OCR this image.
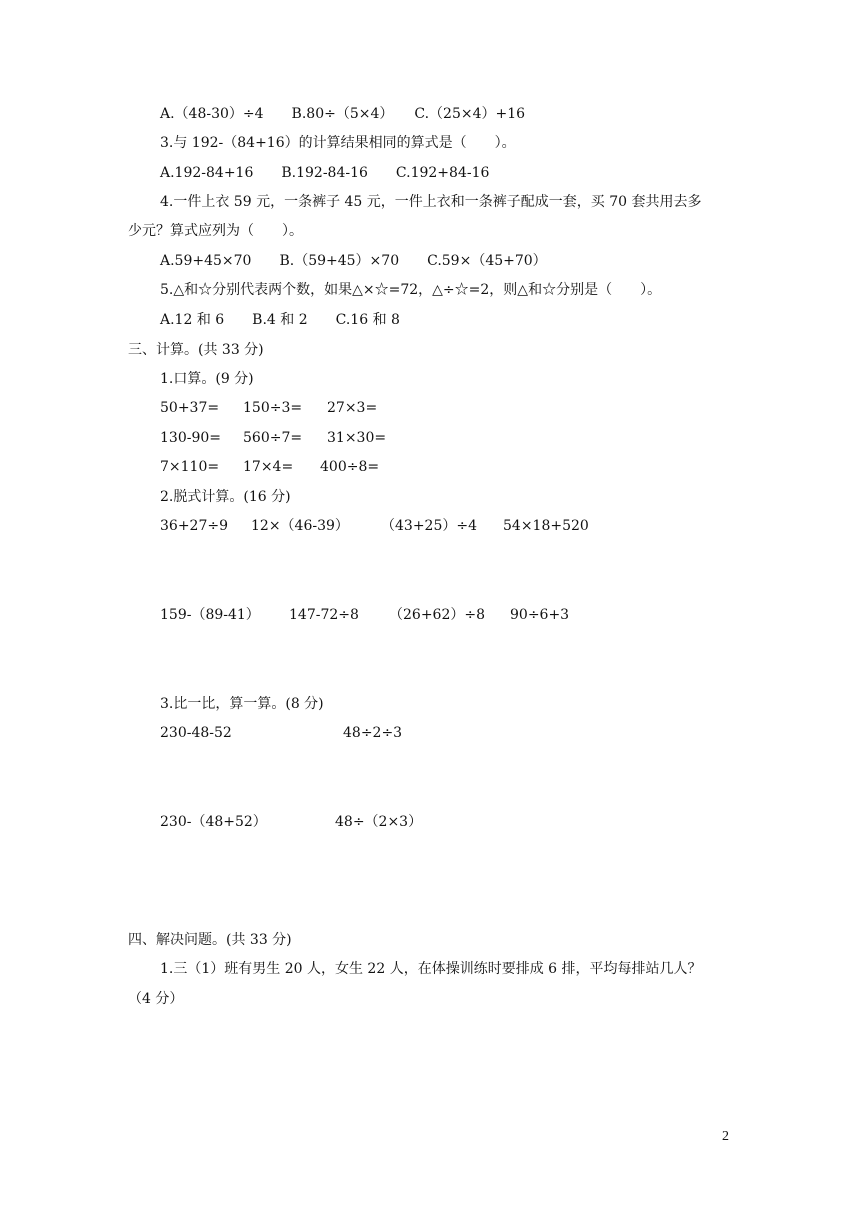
A.（48-30）÷4　　B.80÷（5×4）　　C.（25×4）+16
3.与 192-（84+16）的计算结果相同的算式是（　　）。
A.192-84+16　　B.192-84-16　　C.192+84-16
4.一件上衣 59 元，一条裤子 45 元，一件上衣和一条裤子配成一套，买 70 套共用去多
少元？算式应列为（　　）。
A.59+45×70　　B.（59+45）×70　　C.59×（45+70）
5.△和☆分别代表两个数，如果△×☆=72，△÷☆=2，则△和☆分别是（　　）。
A.12 和 6　　B.4 和 2　　C.16 和 8
三、计算。(共 33 分)
1.口算。(9 分)
50+37= 150÷3= 27×3=
130-90= 560÷7= 31×30=
7×110= 17×4= 400÷8=
2.脱式计算。(16 分)
36+27÷9 12×（46-39） （43+25）÷4 54×18+520
159-（89-41） 147-72÷8 （26+62）÷8 90÷6+3
3.比一比，算一算。(8 分)
230-48-52	48÷2÷3
230-（48+52）	48÷（2×3）
四、解决问题。(共 33 分)
1.三（1）班有男生 20 人，女生 22 人，在体操训练时要排成 6 排，平均每排站几人？
（4 分）
2
